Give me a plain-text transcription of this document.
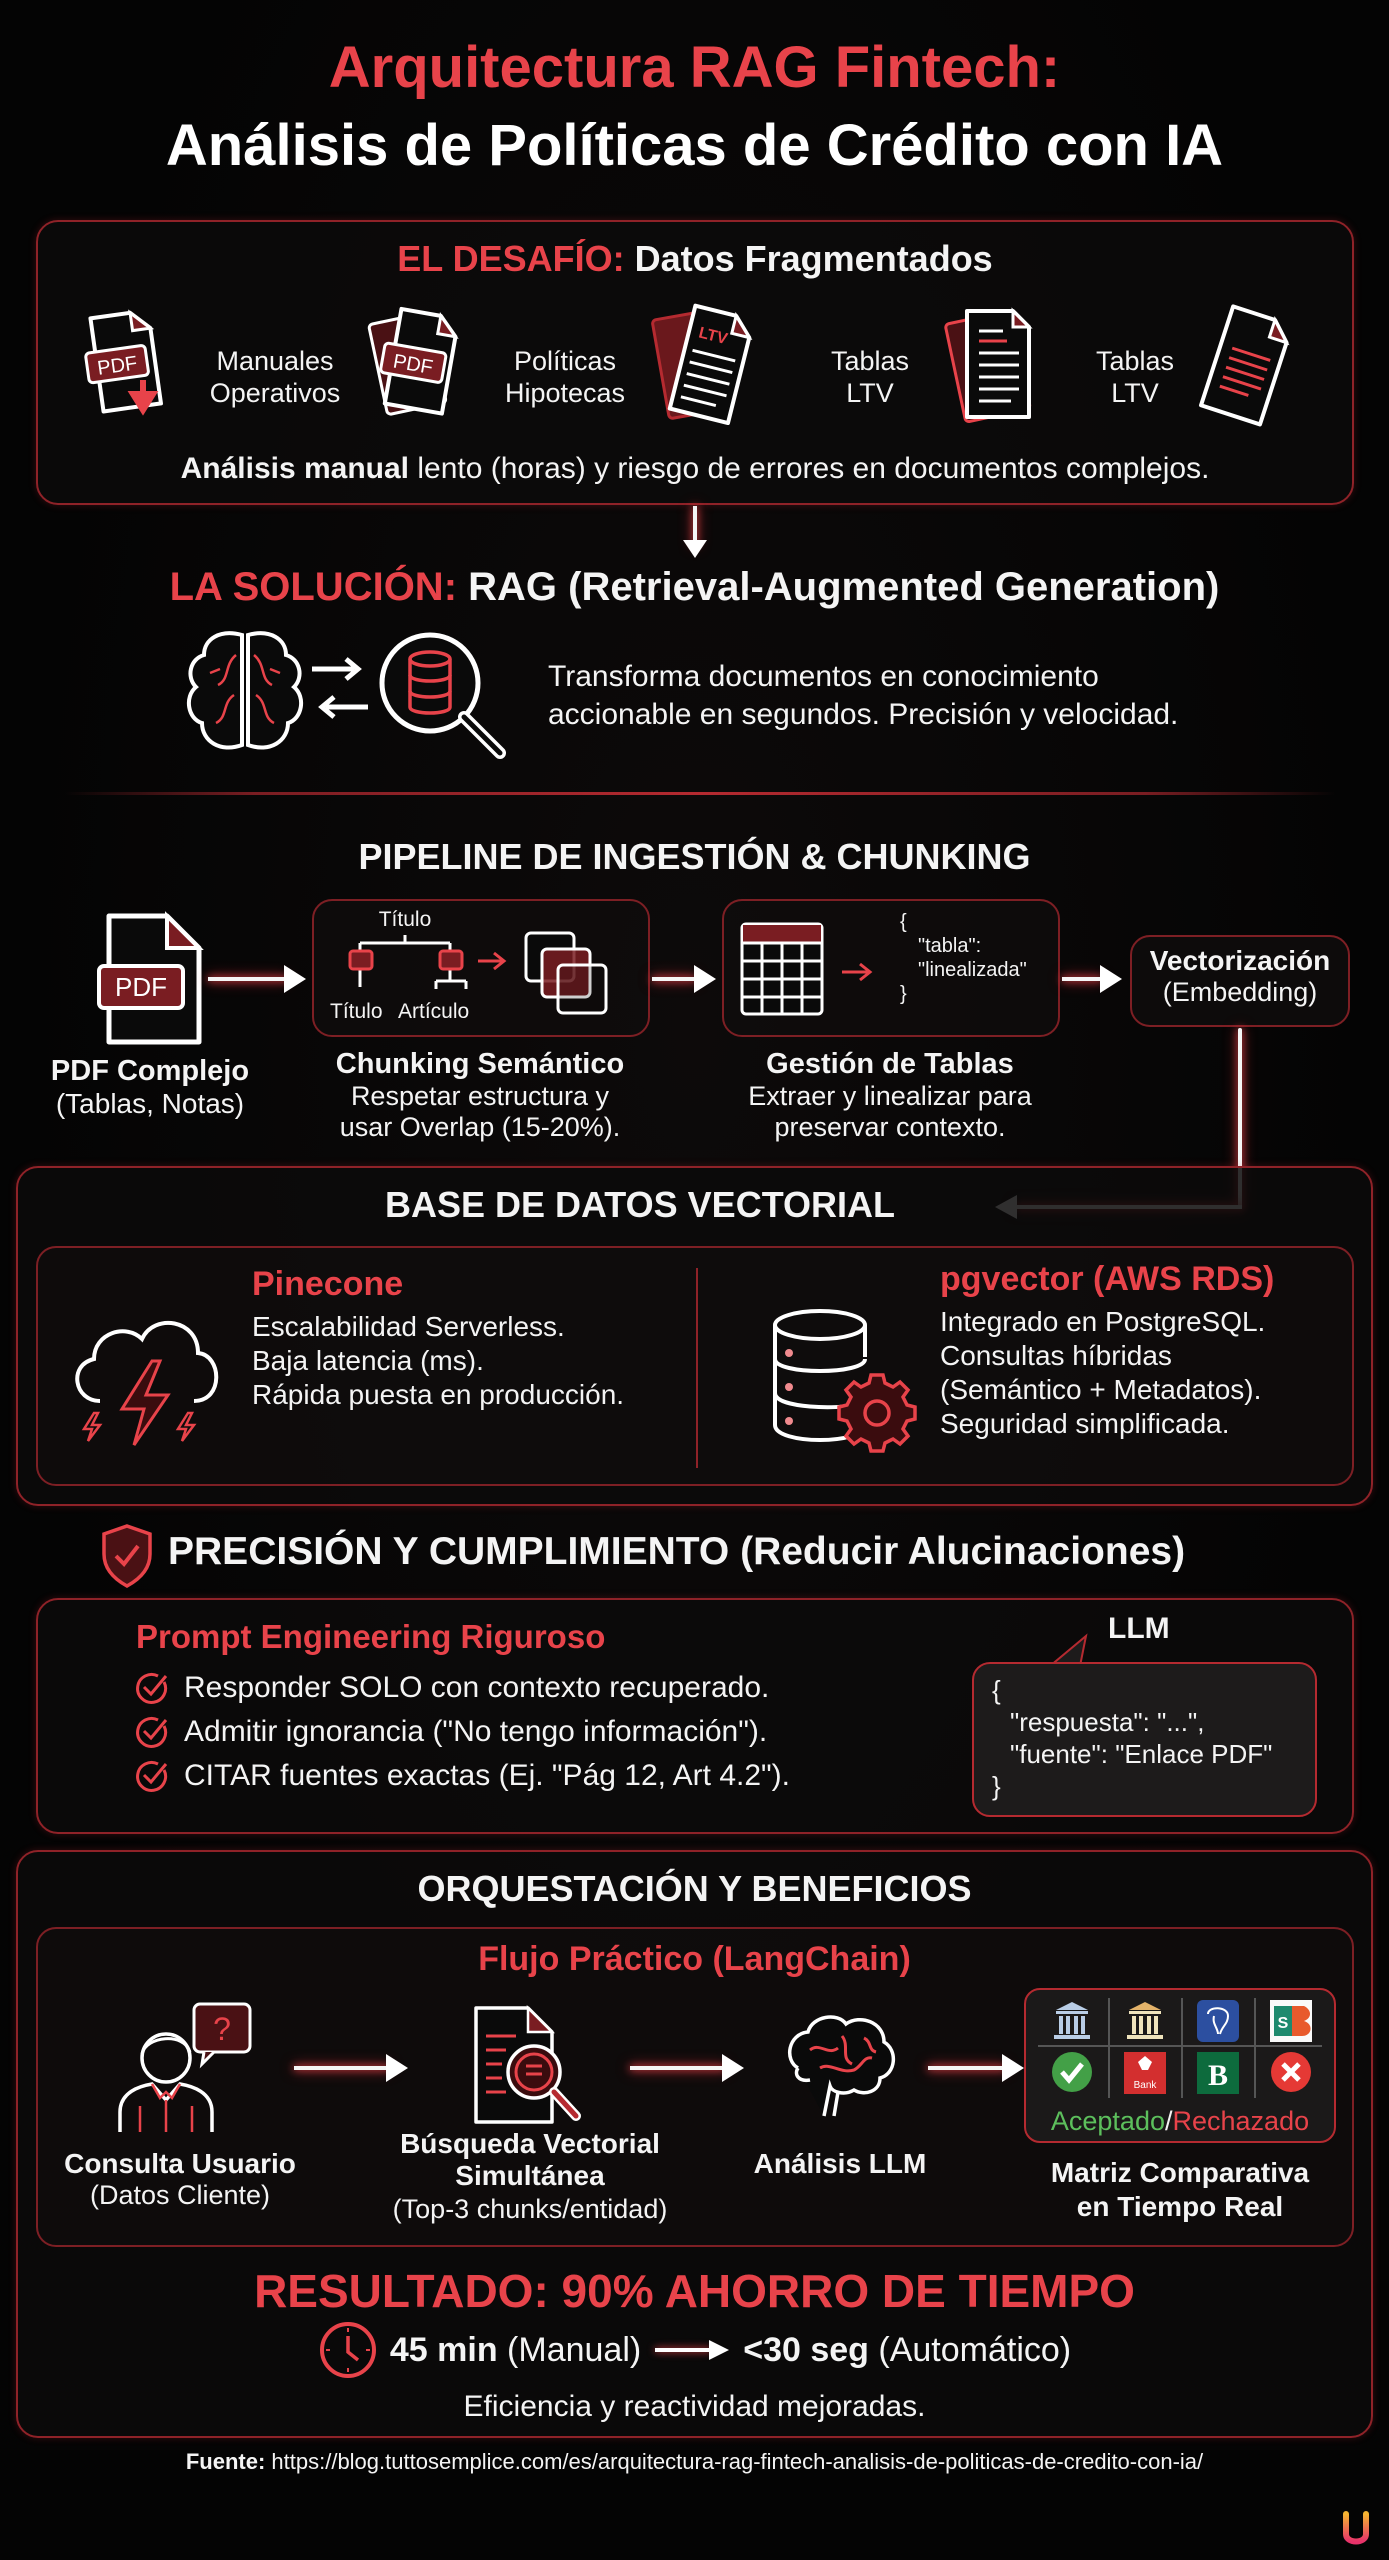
Arquitectura RAG Fintech:
Análisis de Políticas de Crédito con IA
EL DESAFÍO: Datos Fragmentados
PDF	Manuales
Operativos
PDF	Políticas
Hipotecas
LTV
Tablas
LTV
Tablas
LTV
Análisis manual lento (horas) y riesgo de errores en documentos complejos.
LA SOLUCIÓN: RAG (Retrieval-Augmented Generation)
Transforma documentos en conocimiento
accionable en segundos. Precisión y velocidad.
PIPELINE DE INGESTIÓN & CHUNKING
PDF
PDF Complejo
(Tablas, Notas)
Título
Título Artículo
Chunking Semántico
Respetar estructura y
usar Overlap (15-20%).
{
"tabla":
"linealizada"
}
Gestión de Tablas
Extraer y linealizar para
preservar contexto.
Vectorización
(Embedding)
BASE DE DATOS VECTORIAL
Pinecone
Escalabilidad Serverless.
Baja latencia (ms).
Rápida puesta en producción.
pgvector (AWS RDS)
Integrado en PostgreSQL.
Consultas híbridas
(Semántico + Metadatos).
Seguridad simplificada.
PRECISIÓN Y CUMPLIMIENTO (Reducir Alucinaciones)
Prompt Engineering Riguroso
Responder SOLO con contexto recuperado.
Admitir ignorancia ("No tengo información").
CITAR fuentes exactas (Ej. "Pág 12, Art 4.2").
LLM
{
"respuesta": "...",
"fuente": "Enlace PDF"
}
ORQUESTACIÓN Y BENEFICIOS
Flujo Práctico (LangChain)
?
Consulta Usuario
(Datos Cliente)
Búsqueda Vectorial
Simultánea
(Top-3 chunks/entidad)
Análisis LLM
S
Bank B
Aceptado/Rechazado
Matriz Comparativa
en Tiempo Real
RESULTADO: 90% AHORRO DE TIEMPO
45 min
(Manual)	<30 seg
(Automático)
Eficiencia y reactividad mejoradas.
Fuente: https://blog.tuttosemplice.com/es/arquitectura-rag-fintech-analisis-de-politicas-de-credito-con-ia/
